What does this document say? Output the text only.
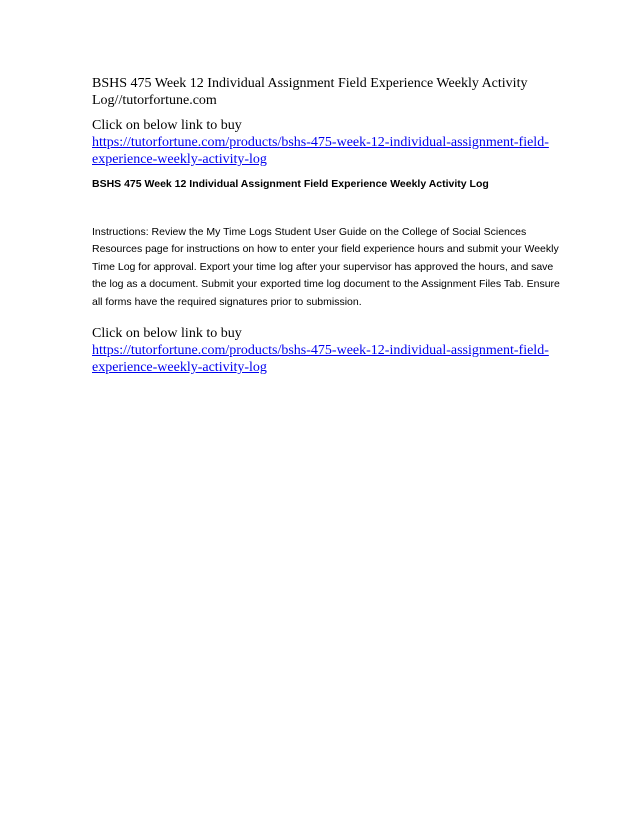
BSHS 475 Week 12 Individual Assignment Field Experience Weekly Activity Log//tutorfortune.com

Click on below link to buy

https://tutorfortune.com/products/bshs-475-week-12-individual-assignment-field-experience-weekly-activity-log

BSHS 475 Week 12 Individual Assignment Field Experience Weekly Activity Log

Instructions: Review the My Time Logs Student User Guide on the College of Social Sciences Resources page for instructions on how to enter your field experience hours and submit your Weekly Time Log for approval. Export your time log after your supervisor has approved the hours, and save the log as a document. Submit your exported time log document to the Assignment Files Tab. Ensure all forms have the required signatures prior to submission.

Click on below link to buy

https://tutorfortune.com/products/bshs-475-week-12-individual-assignment-field-experience-weekly-activity-log
